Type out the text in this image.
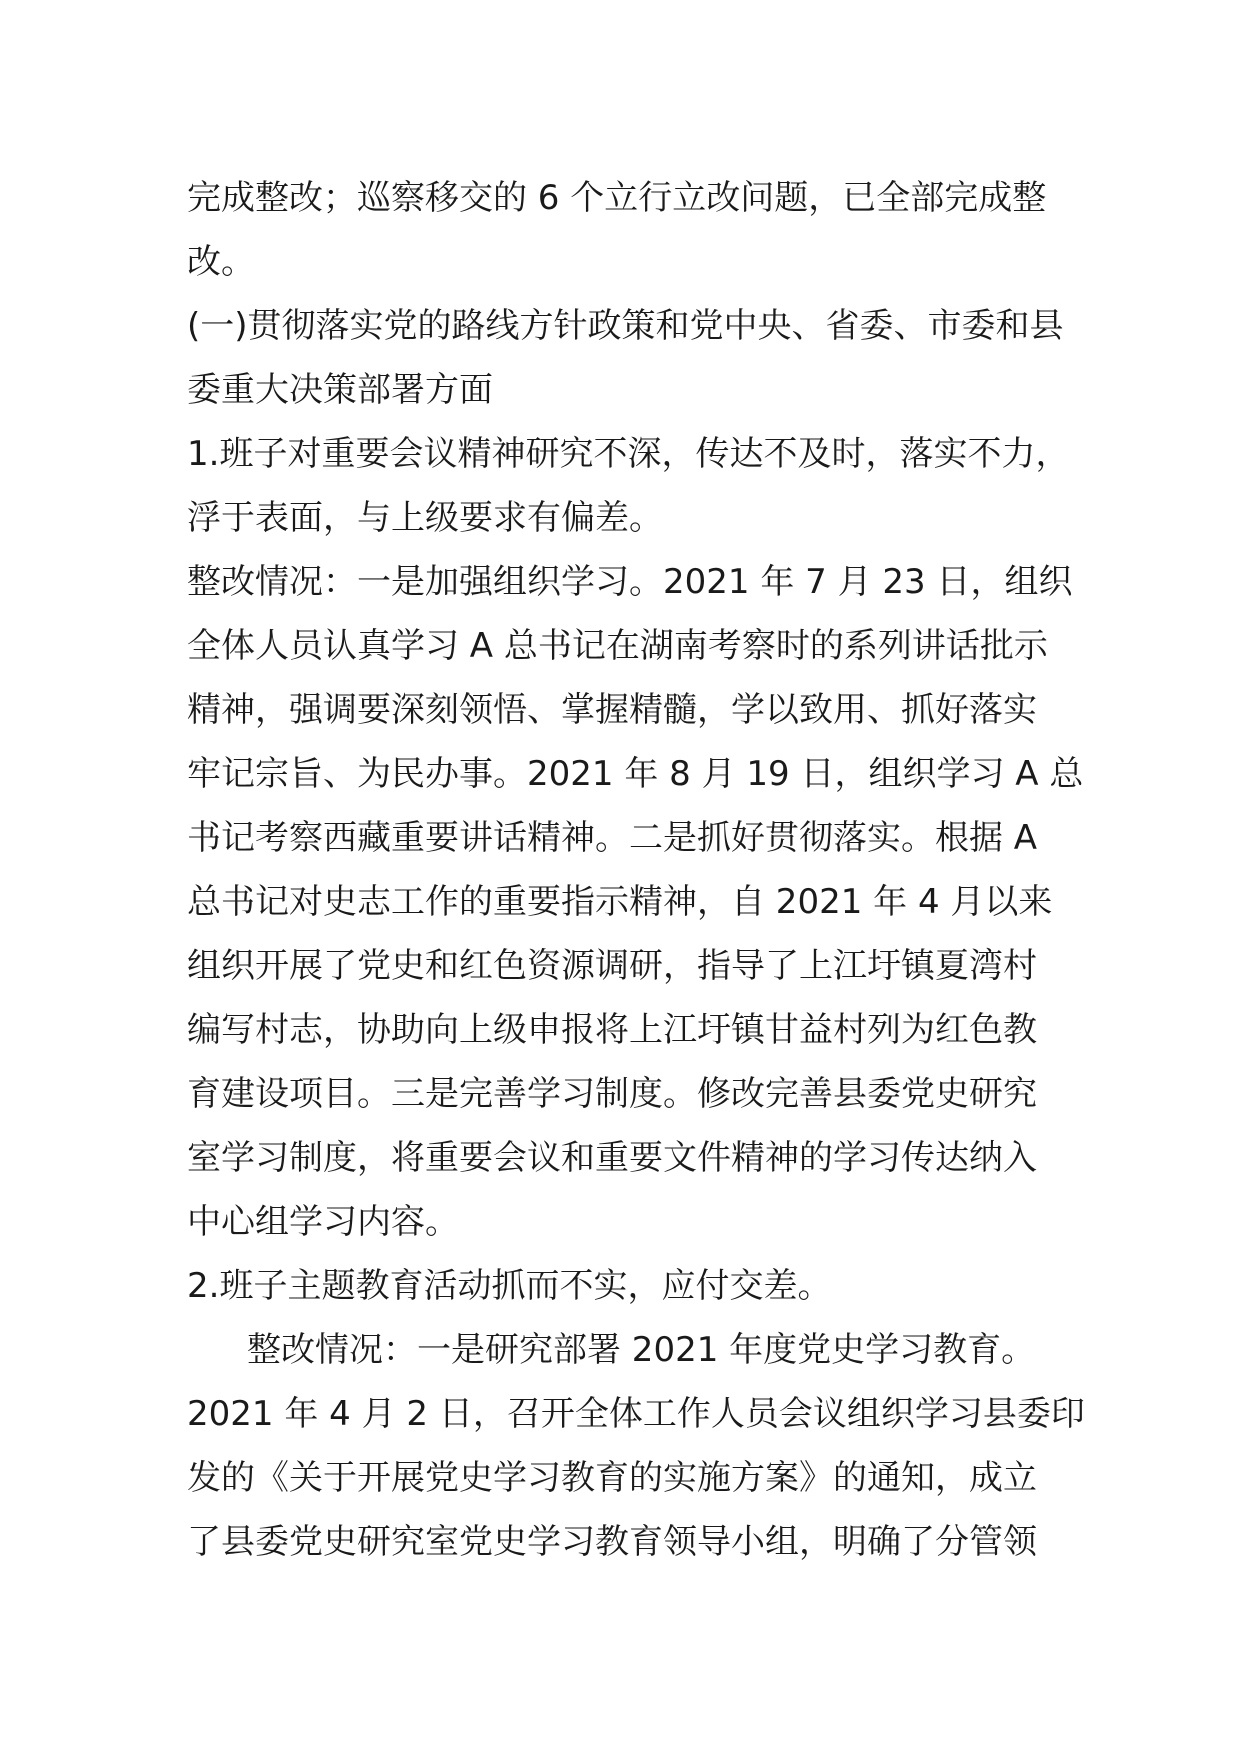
完成整改；巡察移交的 6 个立行立改问题，已全部完成整
改。
(一)贯彻落实党的路线方针政策和党中央、省委、市委和县
委重大决策部署方面
1.班子对重要会议精神研究不深，传达不及时，落实不力，
浮于表面，与上级要求有偏差。
整改情况：一是加强组织学习。2021 年 7 月 23 日，组织
全体人员认真学习 A 总书记在湖南考察时的系列讲话批示
精神，强调要深刻领悟、掌握精髓，学以致用、抓好落实
牢记宗旨、为民办事。2021 年 8 月 19 日，组织学习 A 总
书记考察西藏重要讲话精神。二是抓好贯彻落实。根据 A
总书记对史志工作的重要指示精神，自 2021 年 4 月以来
组织开展了党史和红色资源调研，指导了上江圩镇夏湾村
编写村志，协助向上级申报将上江圩镇甘益村列为红色教
育建设项目。三是完善学习制度。修改完善县委党史研究
室学习制度，将重要会议和重要文件精神的学习传达纳入
中心组学习内容。
2.班子主题教育活动抓而不实，应付交差。
整改情况：一是研究部署 2021 年度党史学习教育。
2021 年 4 月 2 日，召开全体工作人员会议组织学习县委印
发的《关于开展党史学习教育的实施方案》的通知，成立
了县委党史研究室党史学习教育领导小组，明确了分管领
